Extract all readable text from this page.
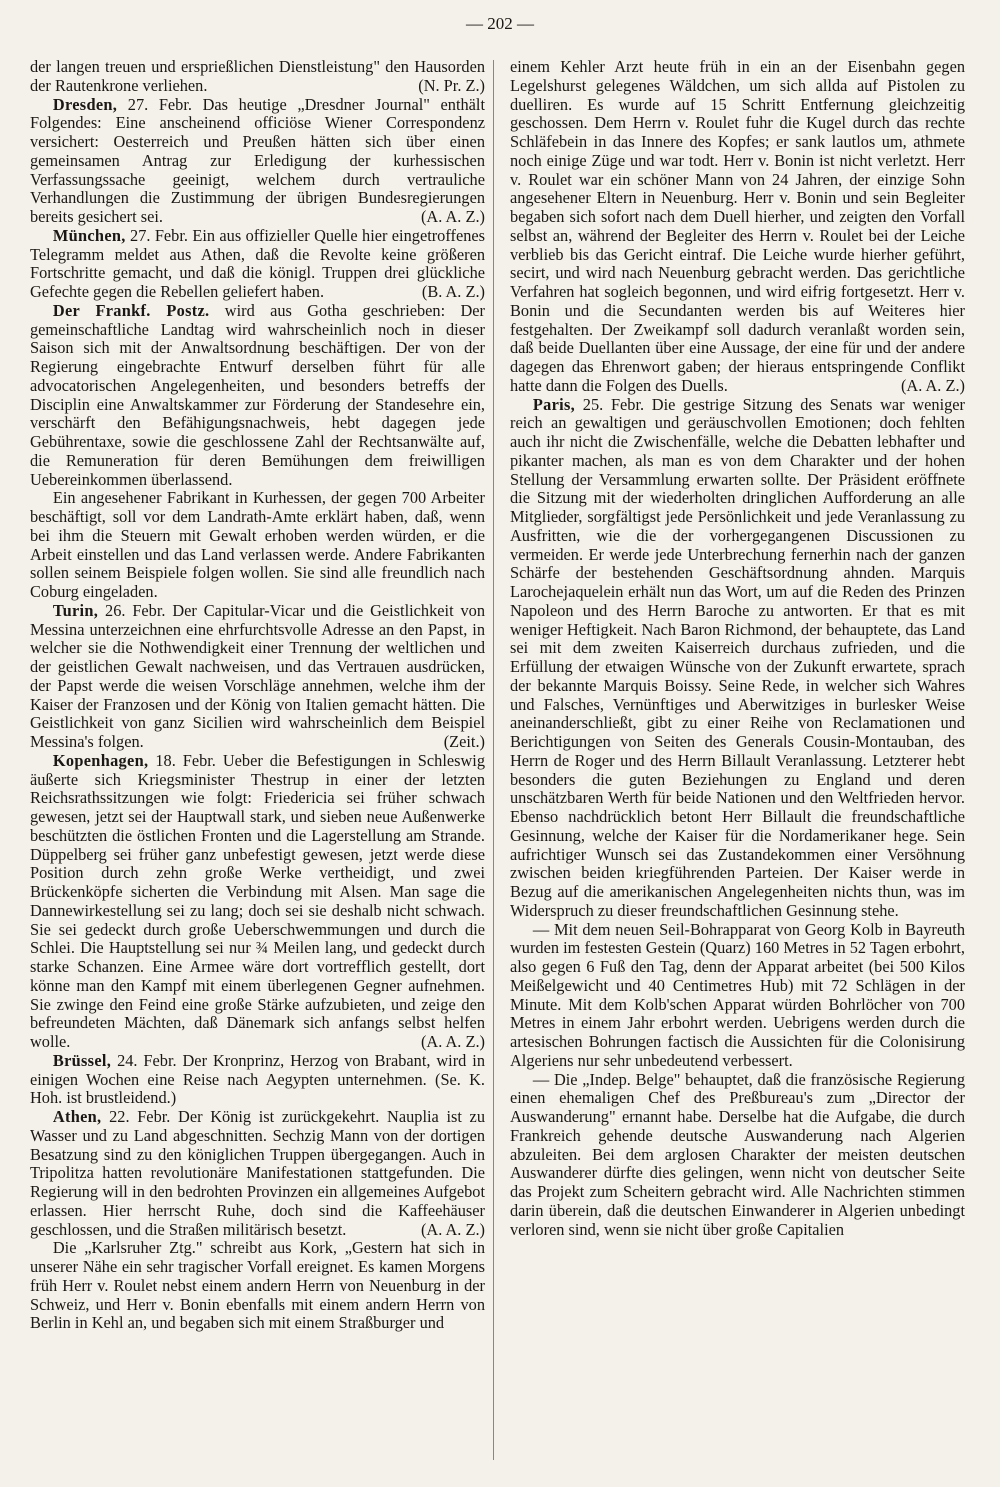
— 202 —

der langen treuen und ersprießlichen Dienstleistung" den Hausorden der Rautenkrone verliehen.	(N. Pr. Z.)

Dresden, 27. Febr. Das heutige „Dresdner Journal" enthält Folgendes: Eine anscheinend officiöse Wiener Correspondenz versichert: Oesterreich und Preußen hätten sich über einen gemeinsamen Antrag zur Erledigung der kurhessischen Verfassungssache geeinigt, welchem durch vertrauliche Verhandlungen die Zustimmung der übrigen Bundesregierungen bereits gesichert sei.	(A. A. Z.)

München, 27. Febr. Ein aus offizieller Quelle hier eingetroffenes Telegramm meldet aus Athen, daß die Revolte keine größeren Fortschritte gemacht, und daß die königl. Truppen drei glückliche Gefechte gegen die Rebellen geliefert haben.	(B. A. Z.)

Der Frankf. Postz. wird aus Gotha geschrieben: Der gemeinschaftliche Landtag wird wahrscheinlich noch in dieser Saison sich mit der Anwaltsordnung beschäftigen. Der von der Regierung eingebrachte Entwurf derselben führt für alle advocatorischen Angelegenheiten, und besonders betreffs der Disciplin eine Anwaltskammer zur Förderung der Standesehre ein, verschärft den Befähigungsnachweis, hebt dagegen jede Gebührentaxe, sowie die geschlossene Zahl der Rechtsanwälte auf, die Remuneration für deren Bemühungen dem freiwilligen Uebereinkommen überlassend.

Ein angesehener Fabrikant in Kurhessen, der gegen 700 Arbeiter beschäftigt, soll vor dem Landrath-Amte erklärt haben, daß, wenn bei ihm die Steuern mit Gewalt erhoben werden würden, er die Arbeit einstellen und das Land verlassen werde. Andere Fabrikanten sollen seinem Beispiele folgen wollen. Sie sind alle freundlich nach Coburg eingeladen.

Turin, 26. Febr. Der Capitular-Vicar und die Geistlichkeit von Messina unterzeichnen eine ehrfurchtsvolle Adresse an den Papst, in welcher sie die Nothwendigkeit einer Trennung der weltlichen und der geistlichen Gewalt nachweisen, und das Vertrauen ausdrücken, der Papst werde die weisen Vorschläge annehmen, welche ihm der Kaiser der Franzosen und der König von Italien gemacht hätten. Die Geistlichkeit von ganz Sicilien wird wahrscheinlich dem Beispiel Messina's folgen.	(Zeit.)

Kopenhagen, 18. Febr. Ueber die Befestigungen in Schleswig äußerte sich Kriegsminister Thestrup in einer der letzten Reichsrathssitzungen wie folgt: Friedericia sei früher schwach gewesen, jetzt sei der Hauptwall stark, und sieben neue Außenwerke beschützten die östlichen Fronten und die Lagerstellung am Strande. Düppelberg sei früher ganz unbefestigt gewesen, jetzt werde diese Position durch zehn große Werke vertheidigt, und zwei Brückenköpfe sicherten die Verbindung mit Alsen. Man sage die Dannewirkestellung sei zu lang; doch sei sie deshalb nicht schwach. Sie sei gedeckt durch große Ueberschwemmungen und durch die Schlei. Die Hauptstellung sei nur ¾ Meilen lang, und gedeckt durch starke Schanzen. Eine Armee wäre dort vortrefflich gestellt, dort könne man den Kampf mit einem überlegenen Gegner aufnehmen. Sie zwinge den Feind eine große Stärke aufzubieten, und zeige den befreundeten Mächten, daß Dänemark sich anfangs selbst helfen wolle.	(A. A. Z.)

Brüssel, 24. Febr. Der Kronprinz, Herzog von Brabant, wird in einigen Wochen eine Reise nach Aegypten unternehmen. (Se. K. Hoh. ist brustleidend.)

Athen, 22. Febr. Der König ist zurückgekehrt. Nauplia ist zu Wasser und zu Land abgeschnitten. Sechzig Mann von der dortigen Besatzung sind zu den königlichen Truppen übergegangen. Auch in Tripolitza hatten revolutionäre Manifestationen stattgefunden. Die Regierung will in den bedrohten Provinzen ein allgemeines Aufgebot erlassen. Hier herrscht Ruhe, doch sind die Kaffeehäuser geschlossen, und die Straßen militärisch besetzt.	(A. A. Z.)

Die „Karlsruher Ztg." schreibt aus Kork, „Gestern hat sich in unserer Nähe ein sehr tragischer Vorfall ereignet. Es kamen Morgens früh Herr v. Roulet nebst einem andern Herrn von Neuenburg in der Schweiz, und Herr v. Bonin ebenfalls mit einem andern Herrn von Berlin in Kehl an, und begaben sich mit einem Straßburger und

einem Kehler Arzt heute früh in ein an der Eisenbahn gegen Legelshurst gelegenes Wäldchen, um sich allda auf Pistolen zu duelliren. Es wurde auf 15 Schritt Entfernung gleichzeitig geschossen. Dem Herrn v. Roulet fuhr die Kugel durch das rechte Schläfebein in das Innere des Kopfes; er sank lautlos um, athmete noch einige Züge und war todt. Herr v. Bonin ist nicht verletzt. Herr v. Roulet war ein schöner Mann von 24 Jahren, der einzige Sohn angesehener Eltern in Neuenburg. Herr v. Bonin und sein Begleiter begaben sich sofort nach dem Duell hierher, und zeigten den Vorfall selbst an, während der Begleiter des Herrn v. Roulet bei der Leiche verblieb bis das Gericht eintraf. Die Leiche wurde hierher geführt, secirt, und wird nach Neuenburg gebracht werden. Das gerichtliche Verfahren hat sogleich begonnen, und wird eifrig fortgesetzt. Herr v. Bonin und die Secundanten werden bis auf Weiteres hier festgehalten. Der Zweikampf soll dadurch veranlaßt worden sein, daß beide Duellanten über eine Aussage, der eine für und der andere dagegen das Ehrenwort gaben; der hieraus entspringende Conflikt hatte dann die Folgen des Duells.	(A. A. Z.)

Paris, 25. Febr. Die gestrige Sitzung des Senats war weniger reich an gewaltigen und geräuschvollen Emotionen; doch fehlten auch ihr nicht die Zwischenfälle, welche die Debatten lebhafter und pikanter machen, als man es von dem Charakter und der hohen Stellung der Versammlung erwarten sollte. Der Präsident eröffnete die Sitzung mit der wiederholten dringlichen Aufforderung an alle Mitglieder, sorgfältigst jede Persönlichkeit und jede Veranlassung zu Ausfritten, wie die der vorhergegangenen Discussionen zu vermeiden. Er werde jede Unterbrechung fernerhin nach der ganzen Schärfe der bestehenden Geschäftsordnung ahnden. Marquis Larochejaquelein erhält nun das Wort, um auf die Reden des Prinzen Napoleon und des Herrn Baroche zu antworten. Er that es mit weniger Heftigkeit. Nach Baron Richmond, der behauptete, das Land sei mit dem zweiten Kaiserreich durchaus zufrieden, und die Erfüllung der etwaigen Wünsche von der Zukunft erwartete, sprach der bekannte Marquis Boissy. Seine Rede, in welcher sich Wahres und Falsches, Vernünftiges und Aberwitziges in burlesker Weise aneinanderschließt, gibt zu einer Reihe von Reclamationen und Berichtigungen von Seiten des Generals Cousin-Montauban, des Herrn de Roger und des Herrn Billault Veranlassung. Letzterer hebt besonders die guten Beziehungen zu England und deren unschätzbaren Werth für beide Nationen und den Weltfrieden hervor. Ebenso nachdrücklich betont Herr Billault die freundschaftliche Gesinnung, welche der Kaiser für die Nordamerikaner hege. Sein aufrichtiger Wunsch sei das Zustandekommen einer Versöhnung zwischen beiden kriegführenden Parteien. Der Kaiser werde in Bezug auf die amerikanischen Angelegenheiten nichts thun, was im Widerspruch zu dieser freundschaftlichen Gesinnung stehe.

— Mit dem neuen Seil-Bohrapparat von Georg Kolb in Bayreuth wurden im festesten Gestein (Quarz) 160 Metres in 52 Tagen erbohrt, also gegen 6 Fuß den Tag, denn der Apparat arbeitet (bei 500 Kilos Meißelgewicht und 40 Centimetres Hub) mit 72 Schlägen in der Minute. Mit dem Kolb'schen Apparat würden Bohrlöcher von 700 Metres in einem Jahr erbohrt werden. Uebrigens werden durch die artesischen Bohrungen factisch die Aussichten für die Colonisirung Algeriens nur sehr unbedeutend verbessert.

— Die „Indep. Belge" behauptet, daß die französische Regierung einen ehemaligen Chef des Preßbureau's zum „Director der Auswanderung" ernannt habe. Derselbe hat die Aufgabe, die durch Frankreich gehende deutsche Auswanderung nach Algerien abzuleiten. Bei dem arglosen Charakter der meisten deutschen Auswanderer dürfte dies gelingen, wenn nicht von deutscher Seite das Projekt zum Scheitern gebracht wird. Alle Nachrichten stimmen darin überein, daß die deutschen Einwanderer in Algerien unbedingt verloren sind, wenn sie nicht über große Capitalien
